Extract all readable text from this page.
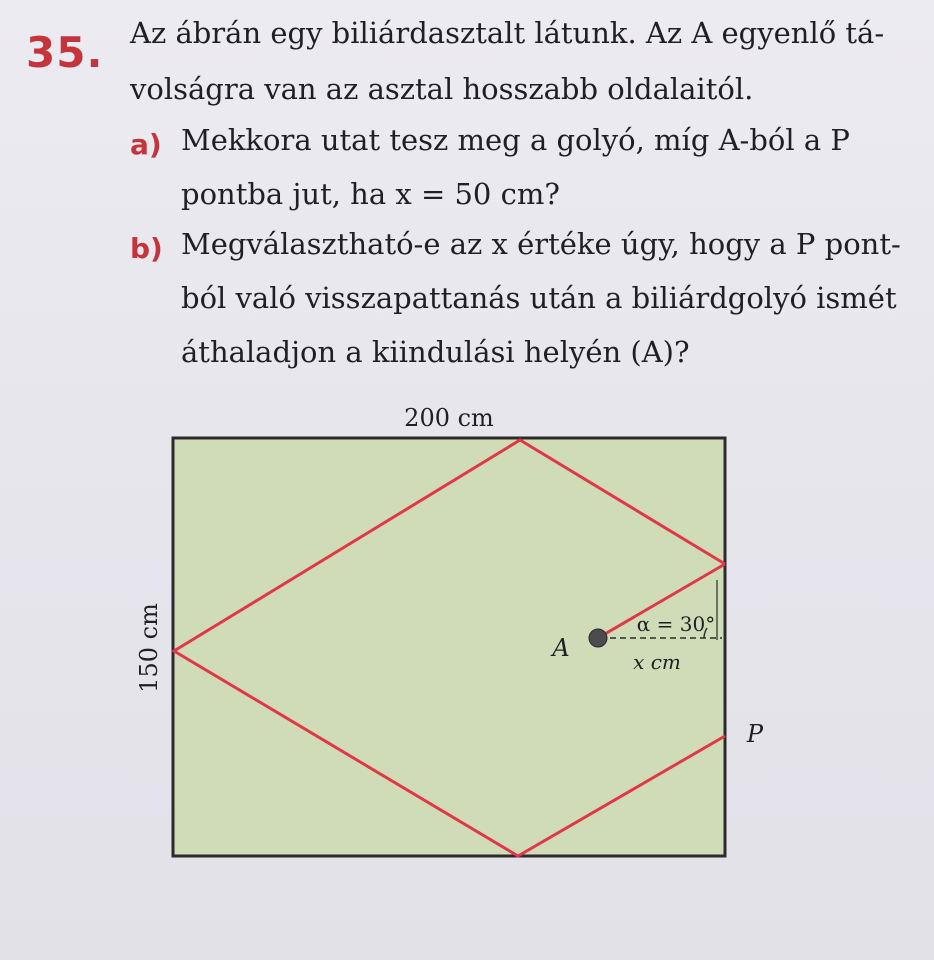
35. Az ábrán egy biliárdasztalt látunk. Az A egyenlő tá-
volságra van az asztal hosszabb oldalaitól.
a) Mekkora utat tesz meg a golyó, míg A-ból a P
pontba jut, ha x = 50 cm?
b) Megválasztható-e az x értéke úgy, hogy a P pont-
ból való visszapattanás után a biliárdgolyó ismét
áthaladjon a kiindulási helyén (A)?
200 cm
150 cm	A
α = 30°
x cm
P
